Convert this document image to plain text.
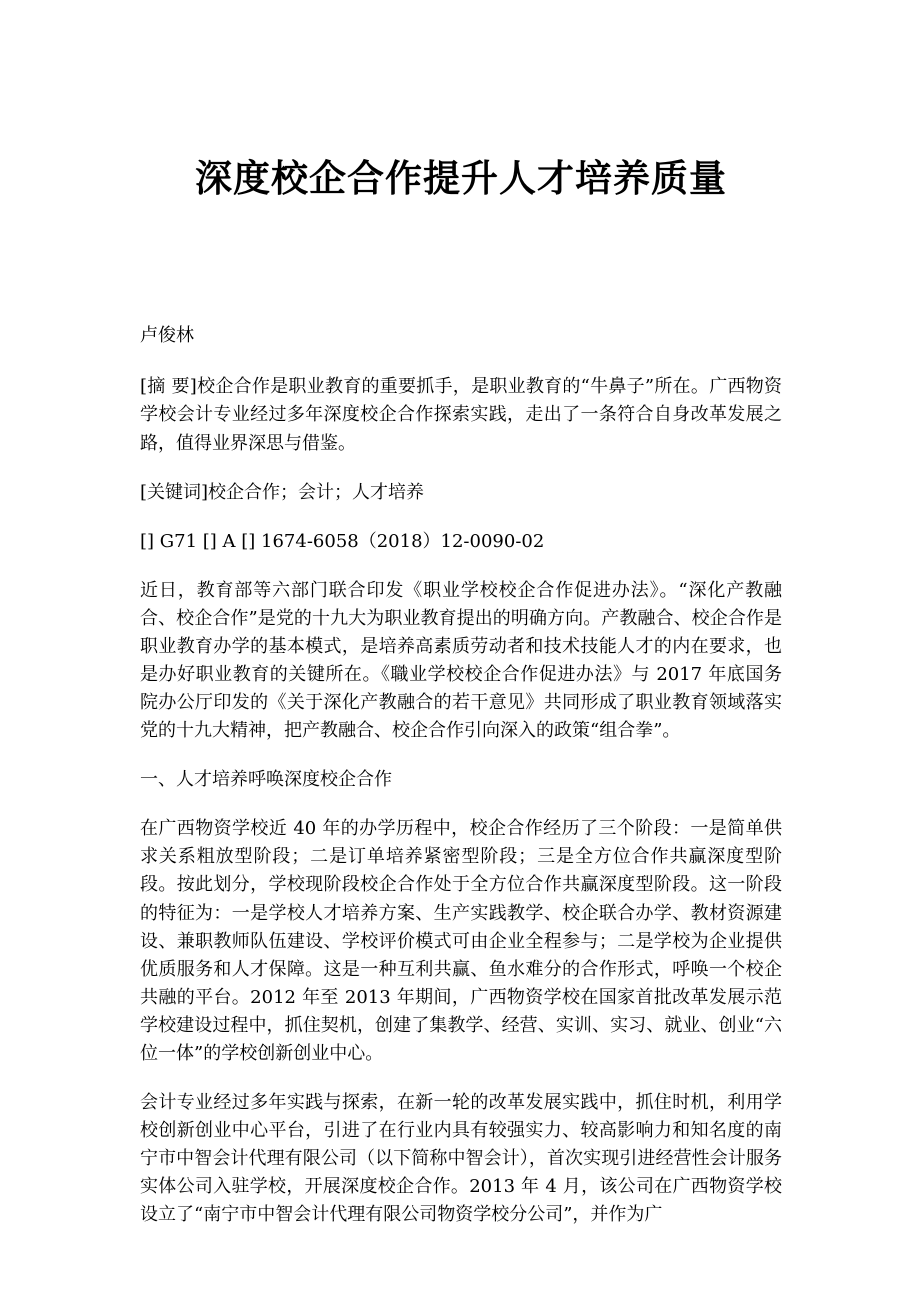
深度校企合作提升人才培养质量

卢俊林

[摘 要]校企合作是职业教育的重要抓手，是职业教育的“牛鼻子”所在。广西物资学校会计专业经过多年深度校企合作探索实践，走出了一条符合自身改革发展之路，值得业界深思与借鉴。

[关键词]校企合作；会计；人才培养

[] G71 [] A [] 1674-6058（2018）12-0090-02

近日，教育部等六部门联合印发《职业学校校企合作促进办法》。“深化产教融合、校企合作”是党的十九大为职业教育提出的明确方向。产教融合、校企合作是职业教育办学的基本模式，是培养高素质劳动者和技术技能人才的内在要求，也是办好职业教育的关键所在。《職业学校校企合作促进办法》与 2017 年底国务院办公厅印发的《关于深化产教融合的若干意见》共同形成了职业教育领域落实党的十九大精神，把产教融合、校企合作引向深入的政策“组合拳”。

一、人才培养呼唤深度校企合作

在广西物资学校近 40 年的办学历程中，校企合作经历了三个阶段：一是简单供求关系粗放型阶段；二是订单培养紧密型阶段；三是全方位合作共赢深度型阶段。按此划分，学校现阶段校企合作处于全方位合作共赢深度型阶段。这一阶段的特征为：一是学校人才培养方案、生产实践教学、校企联合办学、教材资源建设、兼职教师队伍建设、学校评价模式可由企业全程参与；二是学校为企业提供优质服务和人才保障。这是一种互利共赢、鱼水难分的合作形式，呼唤一个校企共融的平台。2012 年至 2013 年期间，广西物资学校在国家首批改革发展示范学校建设过程中，抓住契机，创建了集教学、经营、实训、实习、就业、创业“六位一体”的学校创新创业中心。

会计专业经过多年实践与探索，在新一轮的改革发展实践中，抓住时机，利用学校创新创业中心平台，引进了在行业内具有较强实力、较高影响力和知名度的南宁市中智会计代理有限公司（以下简称中智会计），首次实现引进经营性会计服务实体公司入驻学校，开展深度校企合作。2013 年 4 月，该公司在广西物资学校设立了“南宁市中智会计代理有限公司物资学校分公司”，并作为广
